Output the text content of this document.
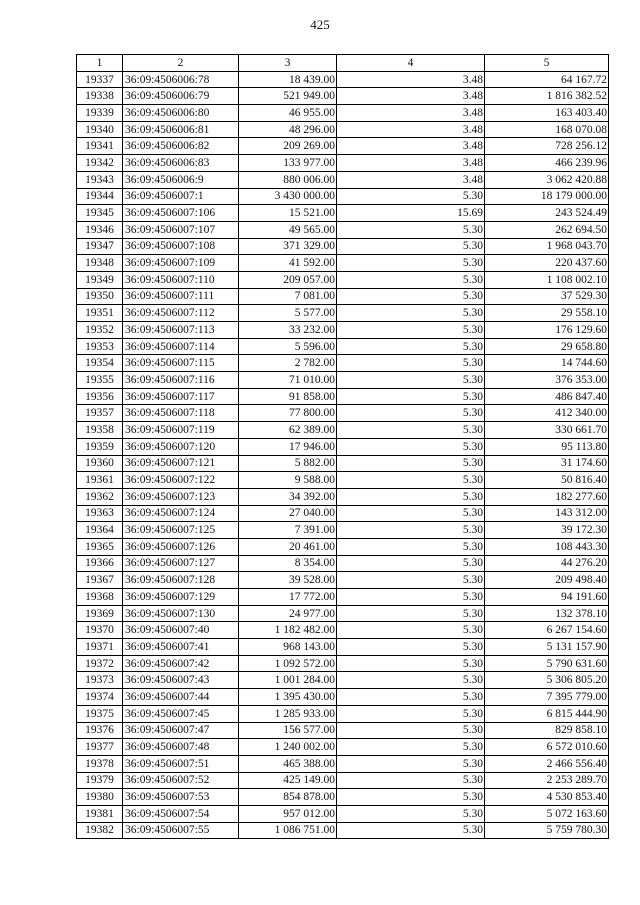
425
1	2	3	4	5
19337	36:09:4506006:78	18 439.00	3.48	64 167.72
19338	36:09:4506006:79	521 949.00	3.48	1 816 382.52
19339	36:09:4506006:80	46 955.00	3.48	163 403.40
19340	36:09:4506006:81	48 296.00	3.48	168 070.08
19341	36:09:4506006:82	209 269.00	3.48	728 256.12
19342	36:09:4506006:83	133 977.00	3.48	466 239.96
19343	36:09:4506006:9	880 006.00	3.48	3 062 420.88
19344	36:09:4506007:1	3 430 000.00	5.30	18 179 000.00
19345	36:09:4506007:106	15 521.00	15.69	243 524.49
19346	36:09:4506007:107	49 565.00	5.30	262 694.50
19347	36:09:4506007:108	371 329.00	5.30	1 968 043.70
19348	36:09:4506007:109	41 592.00	5.30	220 437.60
19349	36:09:4506007:110	209 057.00	5.30	1 108 002.10
19350	36:09:4506007:111	7 081.00	5.30	37 529.30
19351	36:09:4506007:112	5 577.00	5.30	29 558.10
19352	36:09:4506007:113	33 232.00	5.30	176 129.60
19353	36:09:4506007:114	5 596.00	5.30	29 658.80
19354	36:09:4506007:115	2 782.00	5.30	14 744.60
19355	36:09:4506007:116	71 010.00	5.30	376 353.00
19356	36:09:4506007:117	91 858.00	5.30	486 847.40
19357	36:09:4506007:118	77 800.00	5.30	412 340.00
19358	36:09:4506007:119	62 389.00	5.30	330 661.70
19359	36:09:4506007:120	17 946.00	5.30	95 113.80
19360	36:09:4506007:121	5 882.00	5.30	31 174.60
19361	36:09:4506007:122	9 588.00	5.30	50 816.40
19362	36:09:4506007:123	34 392.00	5.30	182 277.60
19363	36:09:4506007:124	27 040.00	5.30	143 312.00
19364	36:09:4506007:125	7 391.00	5.30	39 172.30
19365	36:09:4506007:126	20 461.00	5.30	108 443.30
19366	36:09:4506007:127	8 354.00	5.30	44 276.20
19367	36:09:4506007:128	39 528.00	5.30	209 498.40
19368	36:09:4506007:129	17 772.00	5.30	94 191.60
19369	36:09:4506007:130	24 977.00	5.30	132 378.10
19370	36:09:4506007:40	1 182 482.00	5.30	6 267 154.60
19371	36:09:4506007:41	968 143.00	5.30	5 131 157.90
19372	36:09:4506007:42	1 092 572.00	5.30	5 790 631.60
19373	36:09:4506007:43	1 001 284.00	5.30	5 306 805.20
19374	36:09:4506007:44	1 395 430.00	5.30	7 395 779.00
19375	36:09:4506007:45	1 285 933.00	5.30	6 815 444.90
19376	36:09:4506007:47	156 577.00	5.30	829 858.10
19377	36:09:4506007:48	1 240 002.00	5.30	6 572 010.60
19378	36:09:4506007:51	465 388.00	5.30	2 466 556.40
19379	36:09:4506007:52	425 149.00	5.30	2 253 289.70
19380	36:09:4506007:53	854 878.00	5.30	4 530 853.40
19381	36:09:4506007:54	957 012.00	5.30	5 072 163.60
19382	36:09:4506007:55	1 086 751.00	5.30	5 759 780.30
